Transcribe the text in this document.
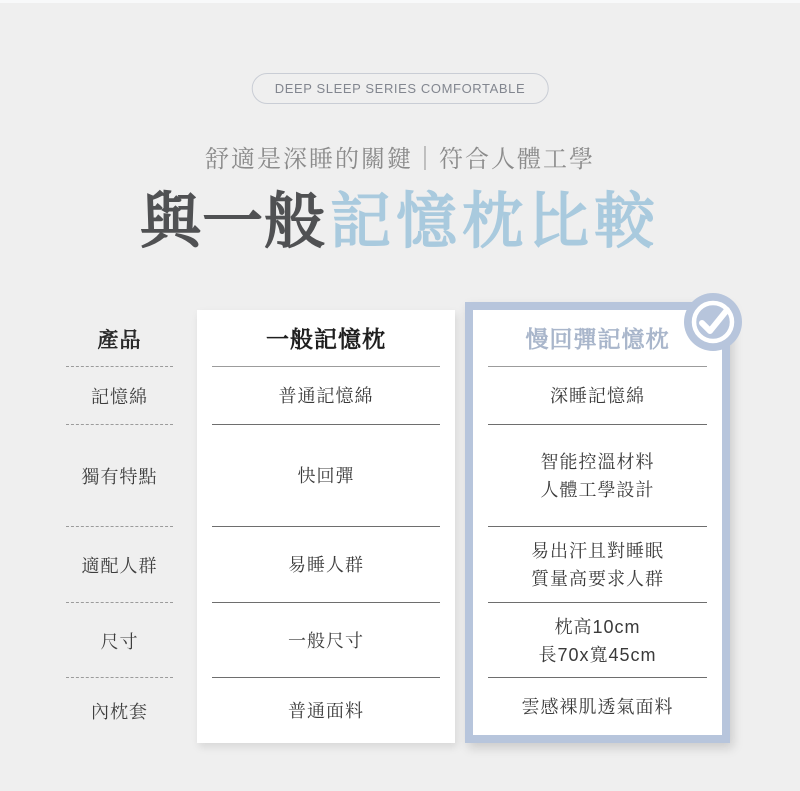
DEEP SLEEP SERIES COMFORTABLE
舒適是深睡的關鍵｜符合人體工學
與一般記憶枕比較
產品
記憶綿
獨有特點
適配人群
尺寸
內枕套
一般記憶枕
普通記憶綿
快回彈
易睡人群
一般尺寸
普通面料
慢回彈記憶枕
深睡記憶綿
智能控溫材料
人體工學設計
易出汗且對睡眠
質量高要求人群
枕高10cm
長70x寬45cm
雲感裸肌透氣面料
